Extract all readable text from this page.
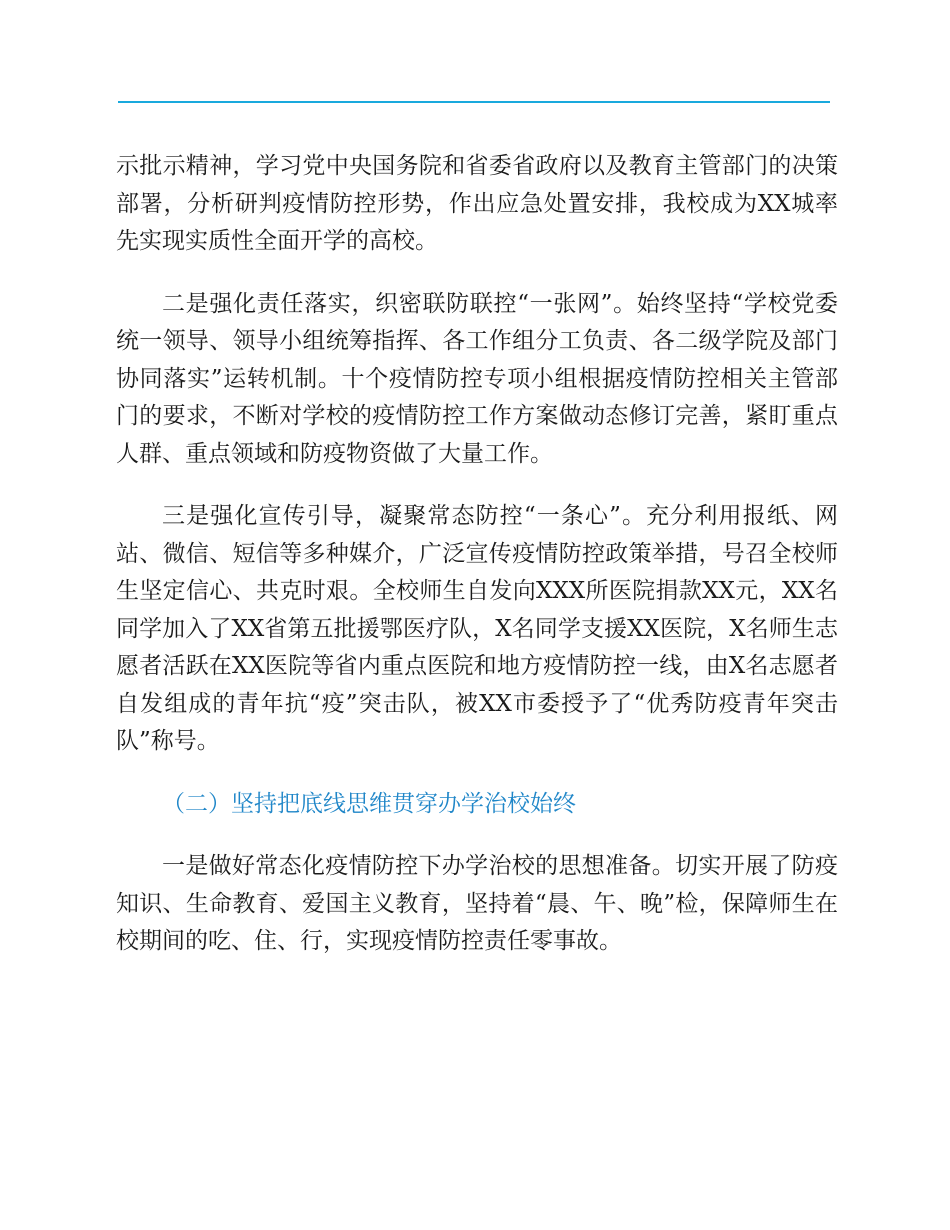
示批示精神，学习党中央国务院和省委省政府以及教育主管部门的决策部署，分析研判疫情防控形势，作出应急处置安排，我校成为XX城率先实现实质性全面开学的高校。

二是强化责任落实，织密联防联控“一张网”。始终坚持“学校党委统一领导、领导小组统筹指挥、各工作组分工负责、各二级学院及部门协同落实”运转机制。十个疫情防控专项小组根据疫情防控相关主管部门的要求，不断对学校的疫情防控工作方案做动态修订完善，紧盯重点人群、重点领域和防疫物资做了大量工作。

三是强化宣传引导，凝聚常态防控“一条心”。充分利用报纸、网站、微信、短信等多种媒介，广泛宣传疫情防控政策举措，号召全校师生坚定信心、共克时艰。全校师生自发向XXX所医院捐款XX元，XX名同学加入了XX省第五批援鄂医疗队，X名同学支援XX医院，X名师生志愿者活跃在XX医院等省内重点医院和地方疫情防控一线，由X名志愿者自发组成的青年抗“疫”突击队，被XX市委授予了“优秀防疫青年突击队”称号。

（二）坚持把底线思维贯穿办学治校始终

一是做好常态化疫情防控下办学治校的思想准备。切实开展了防疫知识、生命教育、爱国主义教育，坚持着“晨、午、晚”检，保障师生在校期间的吃、住、行，实现疫情防控责任零事故。
